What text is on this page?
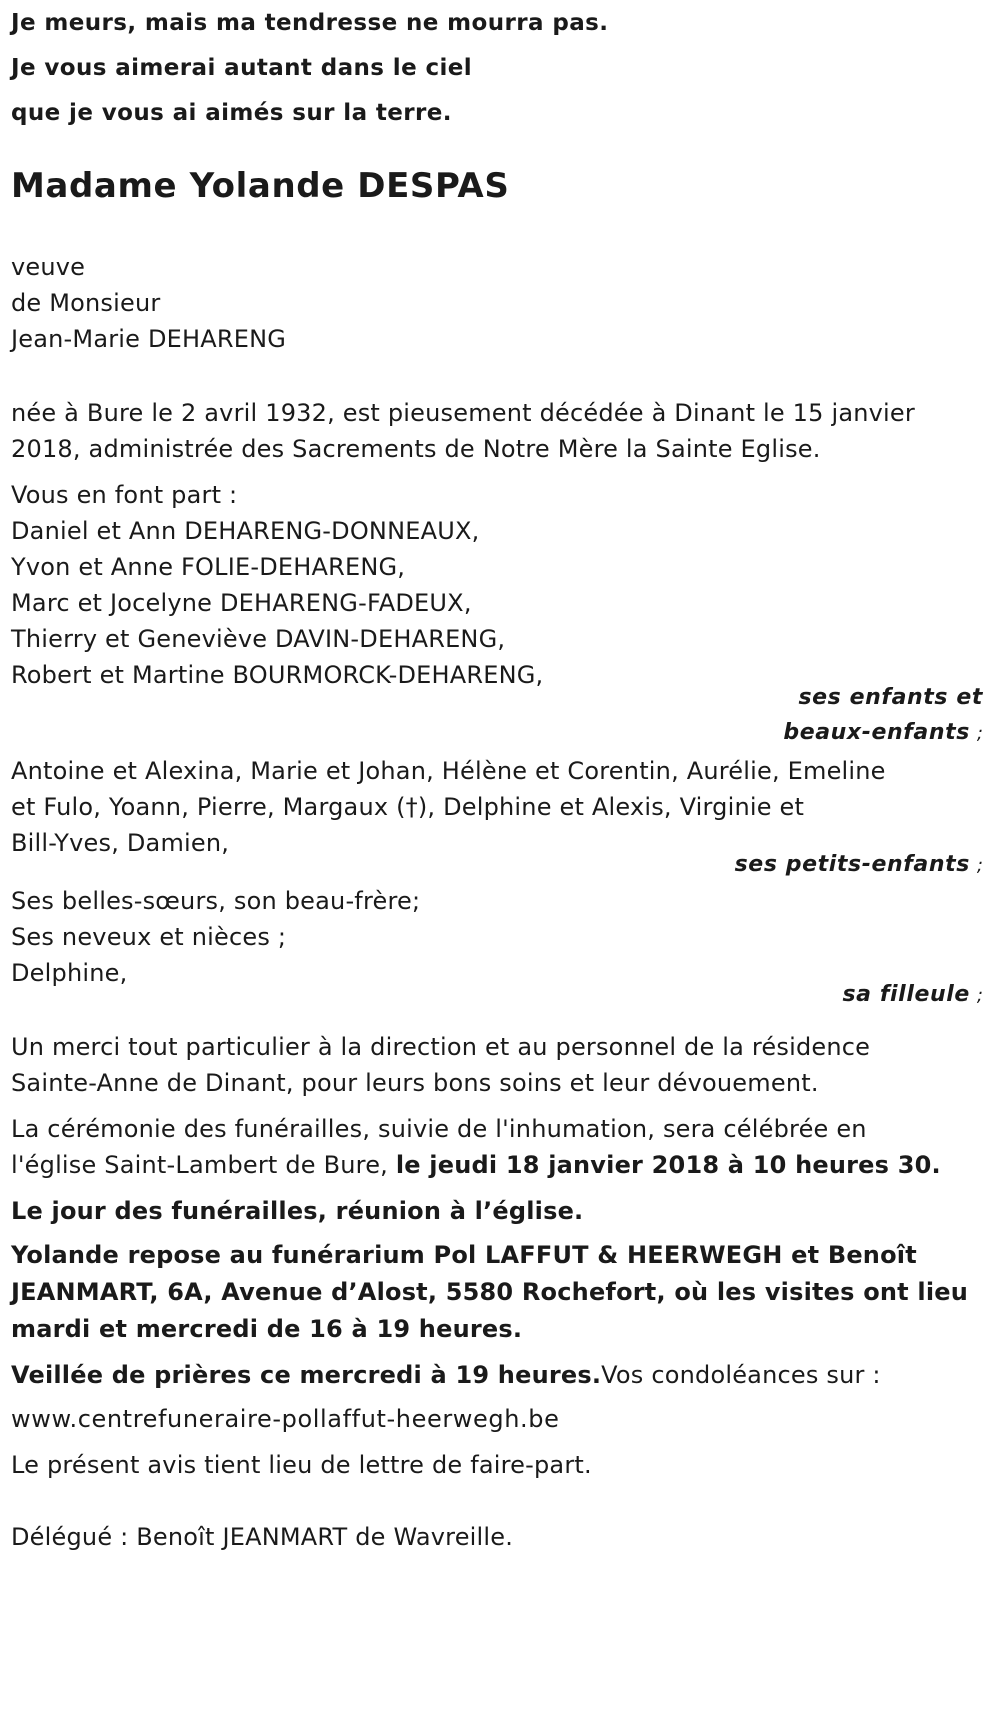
Je meurs, mais ma tendresse ne mourra pas.
Je vous aimerai autant dans le ciel
que je vous ai aimés sur la terre.
Madame Yolande DESPAS
veuve
de Monsieur
Jean-Marie DEHARENG
née à Bure le 2 avril 1932, est pieusement décédée à Dinant le 15 janvier
2018, administrée des Sacrements de Notre Mère la Sainte Eglise.
Vous en font part :
Daniel et Ann DEHARENG-DONNEAUX,
Yvon et Anne FOLIE-DEHARENG,
Marc et Jocelyne DEHARENG-FADEUX,
Thierry et Geneviève DAVIN-DEHARENG,
Robert et Martine BOURMORCK-DEHARENG,
ses enfants et
beaux-enfants ;
Antoine et Alexina, Marie et Johan, Hélène et Corentin, Aurélie, Emeline
et Fulo, Yoann, Pierre, Margaux (†), Delphine et Alexis, Virginie et
Bill-Yves, Damien,
ses petits-enfants ;
Ses belles-sœurs, son beau-frère;
Ses neveux et nièces ;
Delphine,
sa filleule ;
Un merci tout particulier à la direction et au personnel de la résidence
Sainte-Anne de Dinant, pour leurs bons soins et leur dévouement.
La cérémonie des funérailles, suivie de l'inhumation, sera célébrée en
l'église Saint-Lambert de Bure, le jeudi 18 janvier 2018 à 10 heures 30.
Le jour des funérailles, réunion à l’église.
Yolande repose au funérarium Pol LAFFUT & HEERWEGH et Benoît
JEANMART, 6A, Avenue d’Alost, 5580 Rochefort, où les visites ont lieu
mardi et mercredi de 16 à 19 heures.
Veillée de prières ce mercredi à 19 heures.Vos condoléances sur :
www.centrefuneraire-pollaffut-heerwegh.be
Le présent avis tient lieu de lettre de faire-part.
Délégué : Benoît JEANMART de Wavreille.
